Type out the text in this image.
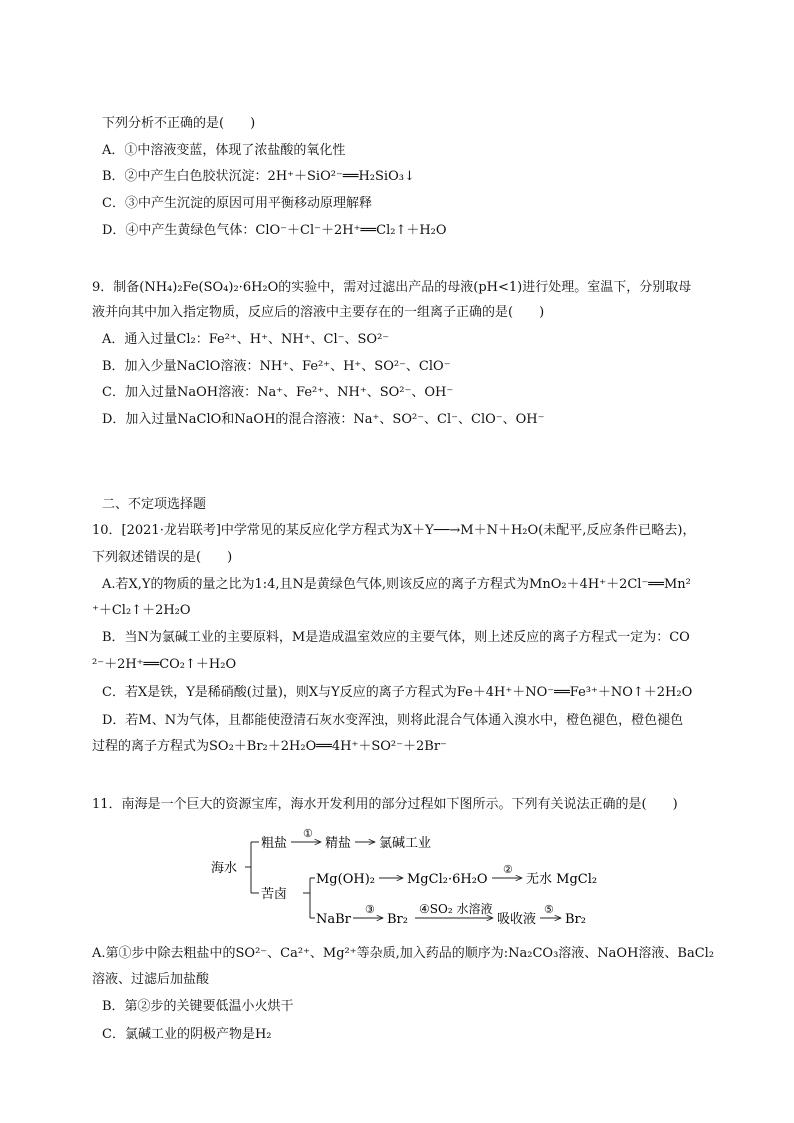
下列分析不正确的是(　　)
A．①中溶液变蓝，体现了浓盐酸的氧化性
B．②中产生白色胶状沉淀：2H⁺＋SiO²⁻══H₂SiO₃↓
C．③中产生沉淀的原因可用平衡移动原理解释
D．④中产生黄绿色气体：ClO⁻＋Cl⁻＋2H⁺══Cl₂↑＋H₂O
9．制备(NH₄)₂Fe(SO₄)₂·6H₂O的实验中，需对过滤出产品的母液(pH<1)进行处理。室温下，分别取母
液并向其中加入指定物质，反应后的溶液中主要存在的一组离子正确的是(　　)
A．通入过量Cl₂：Fe²⁺、H⁺、NH⁺、Cl⁻、SO²⁻
B．加入少量NaClO溶液：NH⁺、Fe²⁺、H⁺、SO²⁻、ClO⁻
C．加入过量NaOH溶液：Na⁺、Fe²⁺、NH⁺、SO²⁻、OH⁻
D．加入过量NaClO和NaOH的混合溶液：Na⁺、SO²⁻、Cl⁻、ClO⁻、OH⁻
二、不定项选择题
10．[2021·龙岩联考]中学常见的某反应化学方程式为X＋Y──→M＋N＋H₂O(未配平,反应条件已略去)，
下列叙述错误的是(　　)
A.若X,Y的物质的量之比为1:4,且N是黄绿色气体,则该反应的离子方程式为MnO₂＋4H⁺＋2Cl⁻══Mn²
⁺＋Cl₂↑＋2H₂O
B．当N为氯碱工业的主要原料，M是造成温室效应的主要气体，则上述反应的离子方程式一定为：CO
²⁻＋2H⁺══CO₂↑＋H₂O
C．若X是铁，Y是稀硝酸(过量)，则X与Y反应的离子方程式为Fe＋4H⁺＋NO⁻══Fe³⁺＋NO↑＋2H₂O
D．若M、N为气体，且都能使澄清石灰水变浑浊，则将此混合气体通入溴水中，橙色褪色，橙色褪色
过程的离子方程式为SO₂＋Br₂＋2H₂O══4H⁺＋SO²⁻＋2Br⁻
11．南海是一个巨大的资源宝库，海水开发利用的部分过程如下图所示。下列有关说法正确的是(　　)
海水
粗盐
①
精盐 氯碱工业
苦卤
Mg(OH)₂ MgCl₂·6H₂O
②
无水 MgCl₂
NaBr
③
Br₂
④SO₂ 水溶液
吸收液
⑤
Br₂
A.第①步中除去粗盐中的SO²⁻、Ca²⁺、Mg²⁺等杂质,加入药品的顺序为:Na₂CO₃溶液、NaOH溶液、BaCl₂
溶液、过滤后加盐酸
B．第②步的关键要低温小火烘干
C．氯碱工业的阴极产物是H₂
